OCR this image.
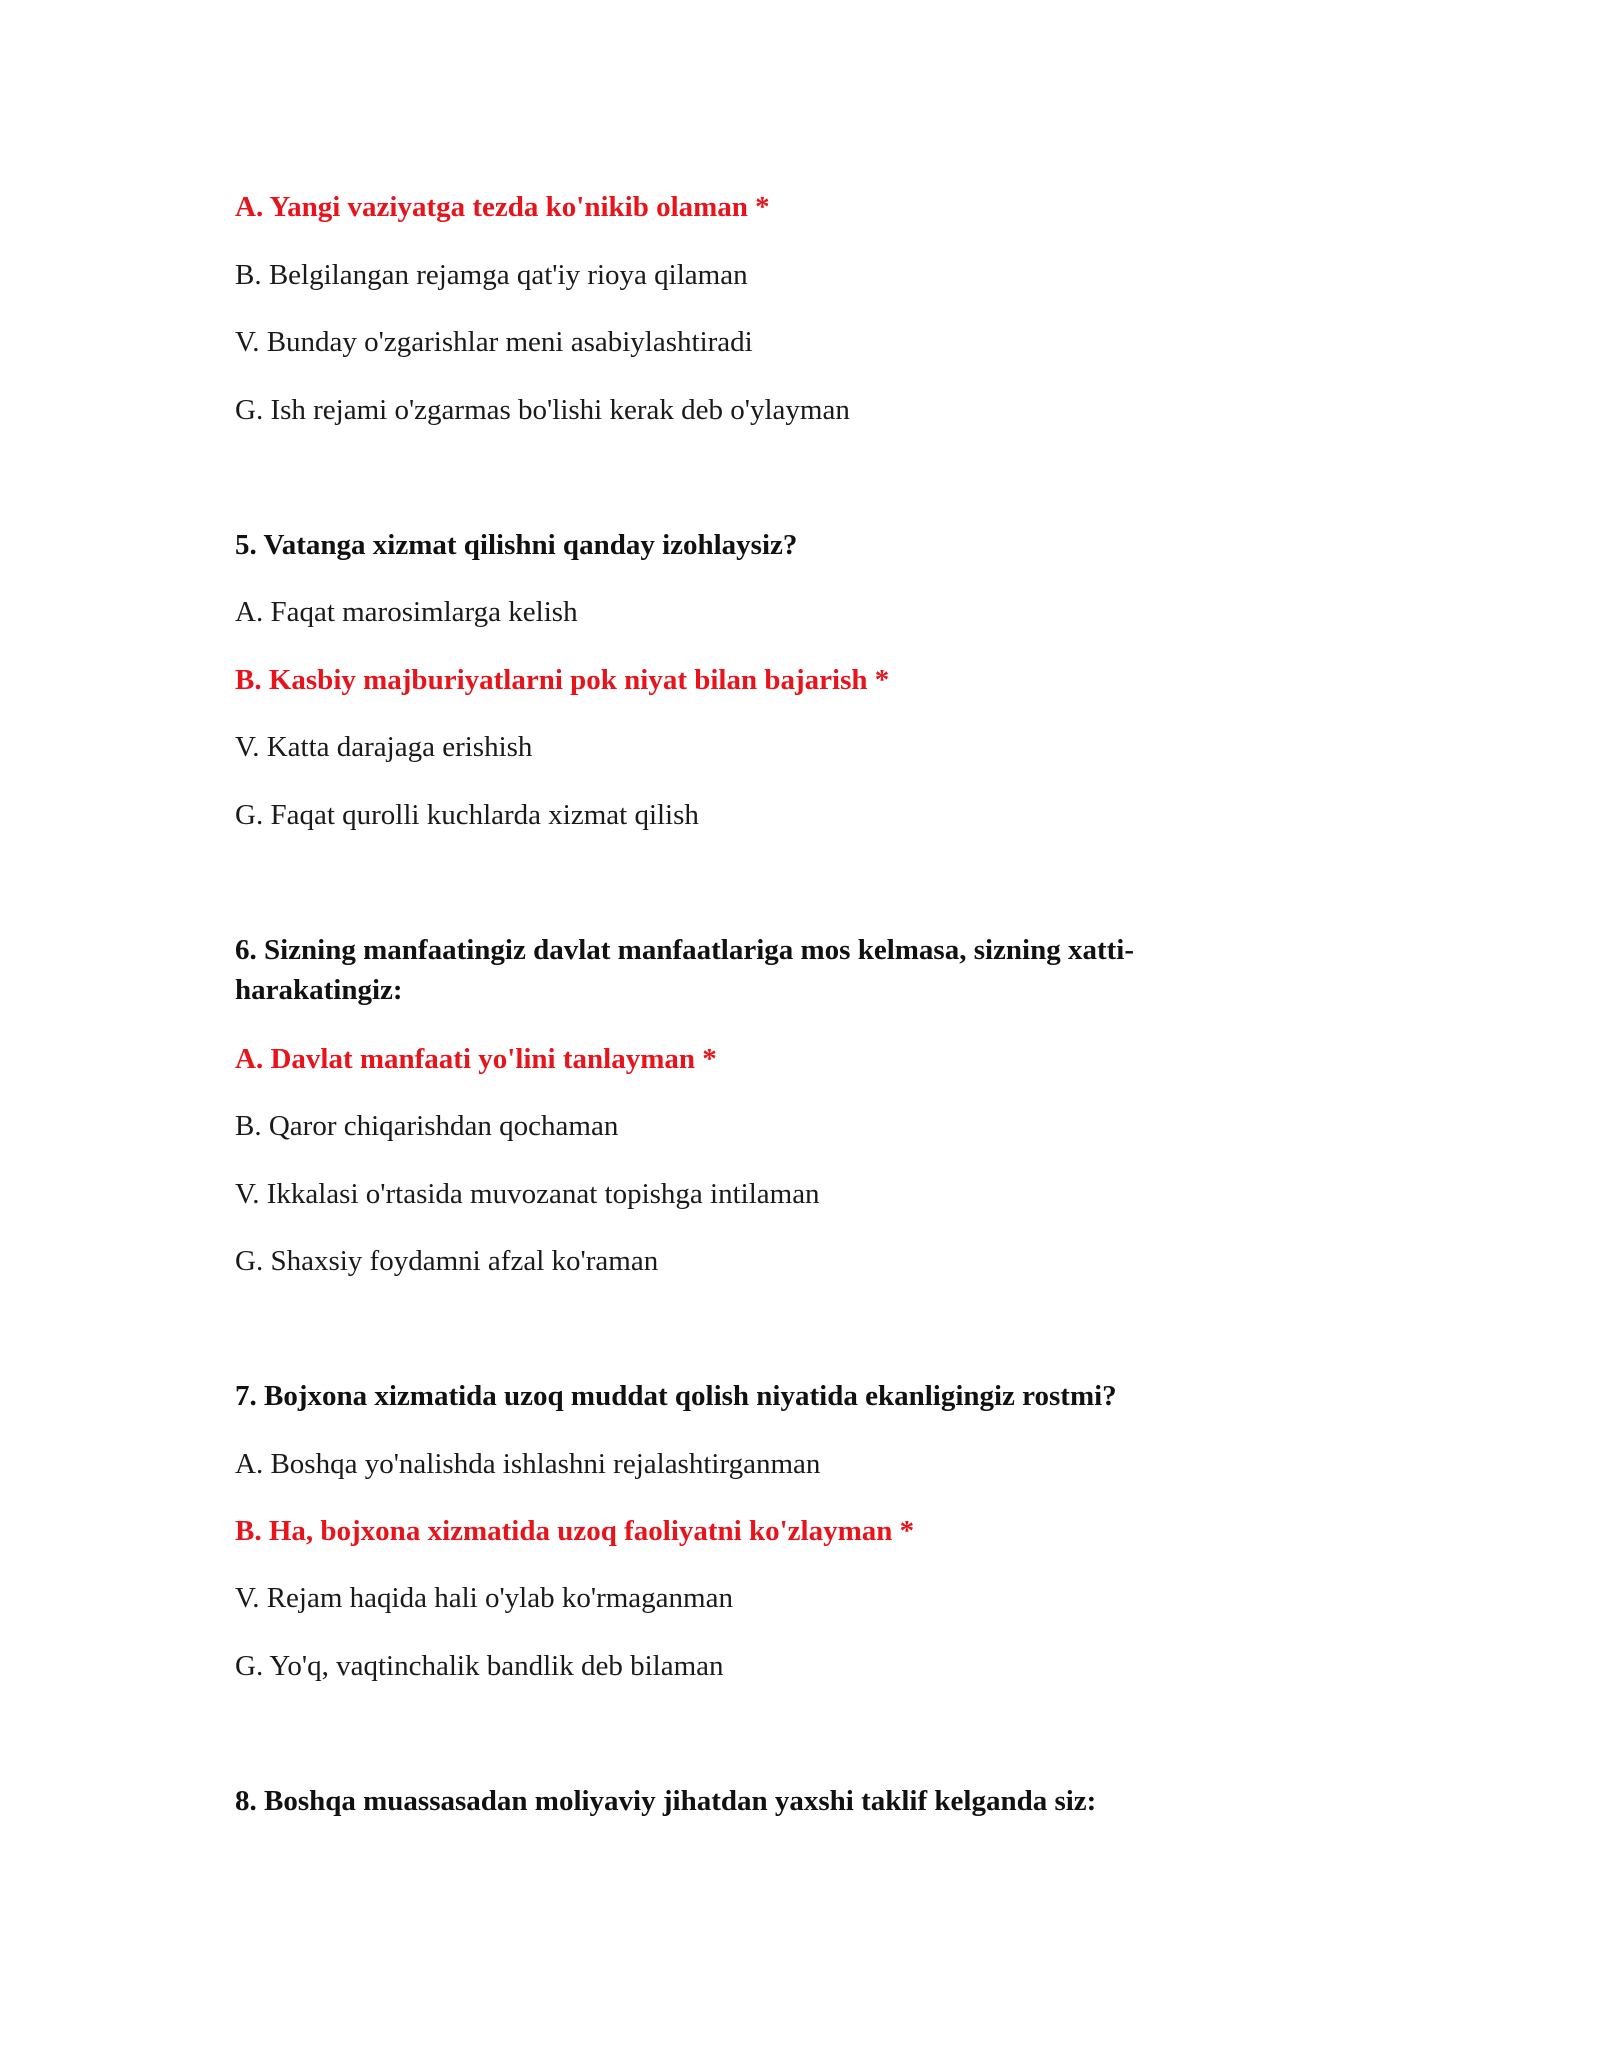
A. Yangi vaziyatga tezda ko'nikib olaman *
B. Belgilangan rejamga qat'iy rioya qilaman
V. Bunday o'zgarishlar meni asabiylashtiradi
G. Ish rejami o'zgarmas bo'lishi kerak deb o'ylayman
5. Vatanga xizmat qilishni qanday izohlaysiz?
A. Faqat marosimlarga kelish
B. Kasbiy majburiyatlarni pok niyat bilan bajarish *
V. Katta darajaga erishish
G. Faqat qurolli kuchlarda xizmat qilish
6. Sizning manfaatingiz davlat manfaatlariga mos kelmasa, sizning xatti-harakatingiz:
A. Davlat manfaati yo'lini tanlayman *
B. Qaror chiqarishdan qochaman
V. Ikkalasi o'rtasida muvozanat topishga intilaman
G. Shaxsiy foydamni afzal ko'raman
7. Bojxona xizmatida uzoq muddat qolish niyatida ekanligingiz rostmi?
A. Boshqa yo'nalishda ishlashni rejalashtirganman
B. Ha, bojxona xizmatida uzoq faoliyatni ko'zlayman *
V. Rejam haqida hali o'ylab ko'rmaganman
G. Yo'q, vaqtinchalik bandlik deb bilaman
8. Boshqa muassasadan moliyaviy jihatdan yaxshi taklif kelganda siz:
